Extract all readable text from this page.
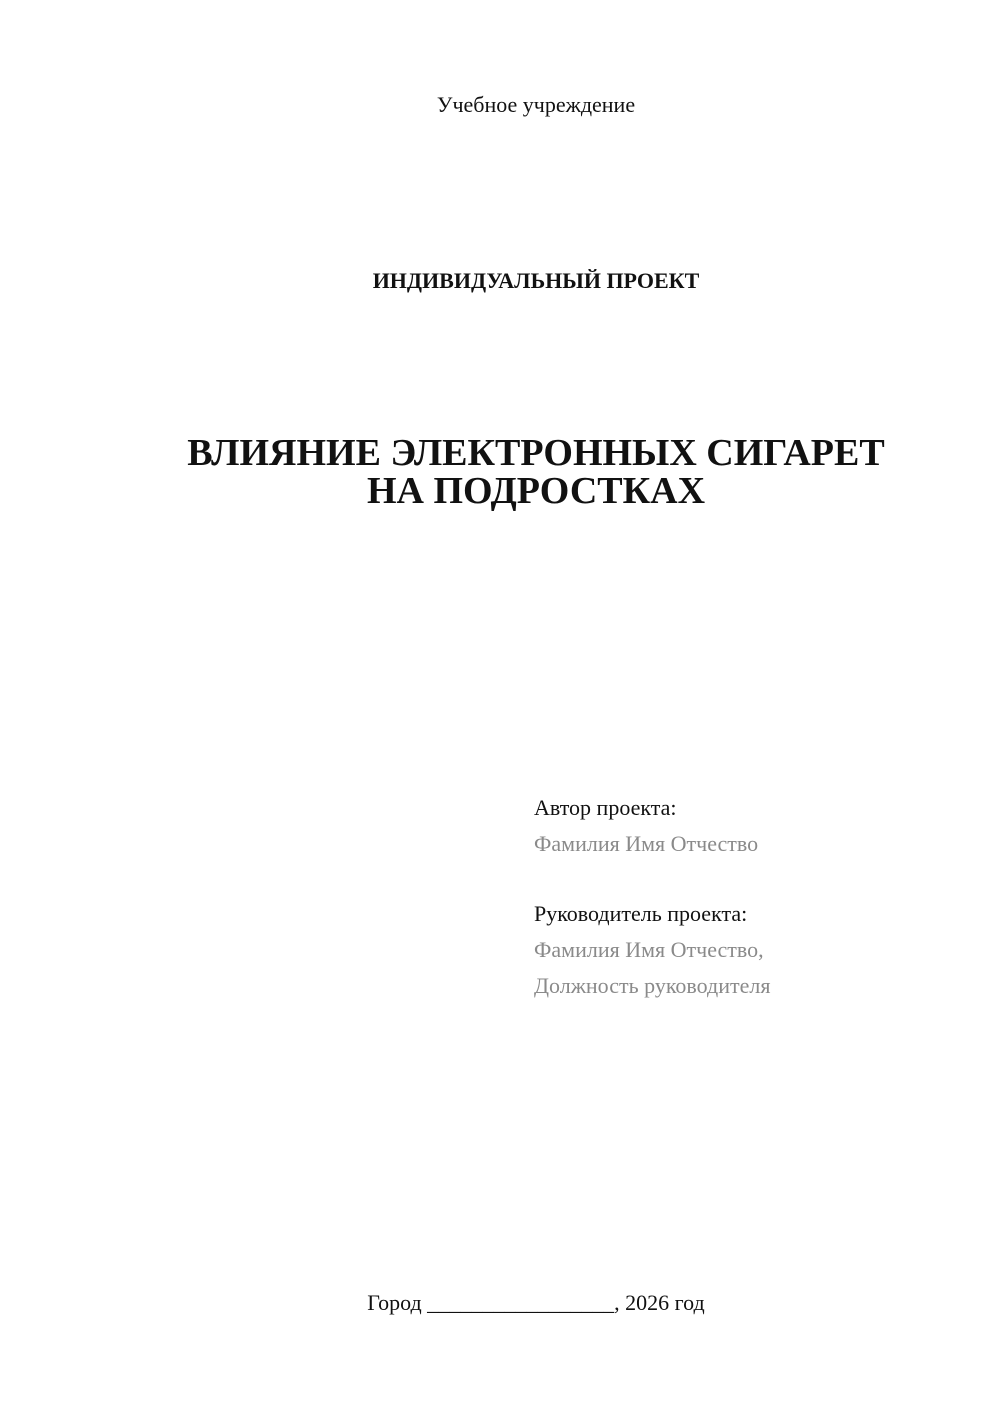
Учебное учреждение
ИНДИВИДУАЛЬНЫЙ ПРОЕКТ
ВЛИЯНИЕ ЭЛЕКТРОННЫХ СИГАРЕТ
НА ПОДРОСТКАХ
Автор проекта:
Фамилия Имя Отчество
Руководитель проекта:
Фамилия Имя Отчество,
Должность руководителя
Город _________________, 2026 год
